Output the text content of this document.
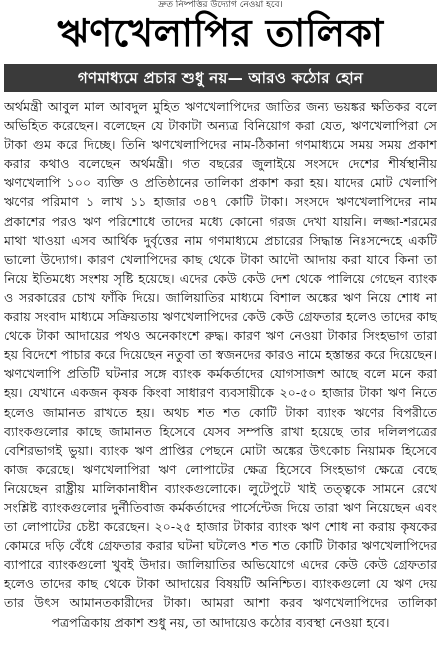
দ্রুত নিষ্পত্তির উদ্যোগ নেওয়া হবে।
ঋণখেলাপির তালিকা
গণমাধ্যমে প্রচার শুধু নয়— আরও কঠোর হোন

অর্থমন্ত্রী আবুল মাল আবদুল মুহিত ঋণখেলাপিদের জাতির জন্য ভয়ঙ্কর ক্ষতিকর বলে অভিহিত করেছেন। বলেছেন যে টাকাটা অন্যত্র বিনিয়োগ করা যেত, ঋণখেলাপিরা সে টাকা গুম করে দিচ্ছে। তিনি ঋণখেলাপিদের নাম-ঠিকানা গণমাধ্যমে সময় সময় প্রকাশ করার কথাও বলেছেন অর্থমন্ত্রী। গত বছরের জুলাইয়ে সংসদে দেশের শীর্ষস্থানীয় ঋণখেলাপি ১০০ ব্যক্তি ও প্রতিষ্ঠানের তালিকা প্রকাশ করা হয়। যাদের মোট খেলাপি ঋণের পরিমাণ ১ লাখ ১১ হাজার ৩৪৭ কোটি টাকা। সংসদে ঋণখেলাপিদের নাম প্রকাশের পরও ঋণ পরিশোধে তাদের মধ্যে কোনো গরজ দেখা যায়নি। লজ্জা-শরমের মাথা খাওয়া এসব আর্থিক দুর্বৃত্তের নাম গণমাধ্যমে প্রচারের সিদ্ধান্ত নিঃসন্দেহে একটি ভালো উদ্যোগ। কারণ খেলাপিদের কাছ থেকে টাকা আদৌ আদায় করা যাবে কিনা তা নিয়ে ইতিমধ্যে সংশয় সৃষ্টি হয়েছে। এদের কেউ কেউ দেশ থেকে পালিয়ে গেছেন ব্যাংক ও সরকারের চোখ ফাঁকি দিয়ে। জালিয়াতির মাধ্যমে বিশাল অঙ্কের ঋণ নিয়ে শোধ না করায় সংবাদ মাধ্যমে সক্রিয়তায় ঋণখেলাপিদের কেউ কেউ গ্রেফতার হলেও তাদের কাছ থেকে টাকা আদায়ের পথও অনেকাংশে রুদ্ধ। কারণ ঋণ নেওয়া টাকার সিংহভাগ তারা হয় বিদেশে পাচার করে দিয়েছেন নতুবা তা স্বজনদের কারও নামে হস্তান্তর করে দিয়েছেন। ঋণখেলাপি প্রতিটি ঘটনার সঙ্গে ব্যাংক কর্মকর্তাদের যোগসাজশ আছে বলে মনে করা হয়। যেখানে একজন কৃষক কিংবা সাধারণ ব্যবসায়ীকে ২০-৫০ হাজার টাকা ঋণ নিতে হলেও জামানত রাখতে হয়। অথচ শত শত কোটি টাকা ব্যাংক ঋণের বিপরীতে ব্যাংকগুলোর কাছে জামানত হিসেবে যেসব সম্পত্তি রাখা হয়েছে তার দলিলপত্রের বেশিরভাগই ভুয়া। ব্যাংক ঋণ প্রাপ্তির পেছনে মোটা অঙ্কের উৎকোচ নিয়ামক হিসেবে কাজ করেছে। ঋণখেলাপিরা ঋণ লোপাটের ক্ষেত্র হিসেবে সিংহভাগ ক্ষেত্রে বেছে নিয়েছেন রাষ্ট্রীয় মালিকানাধীন ব্যাংকগুলোকে। লুটেপুটে খাই তত্ত্বকে সামনে রেখে সংশ্লিষ্ট ব্যাংকগুলোর দুর্নীতিবাজ কর্মকর্তাদের পার্সেন্টেজ দিয়ে তারা ঋণ নিয়েছেন এবং তা লোপাটের চেষ্টা করেছেন। ২০-২৫ হাজার টাকার ব্যাংক ঋণ শোধ না করায় কৃষকের কোমরে দড়ি বেঁধে গ্রেফতার করার ঘটনা ঘটলেও শত শত কোটি টাকার ঋণখেলাপিদের ব্যাপারে ব্যাংকগুলো খুবই উদার। জালিয়াতির অভিযোগে এদের কেউ কেউ গ্রেফতার হলেও তাদের কাছ থেকে টাকা আদায়ের বিষয়টি অনিশ্চিত। ব্যাংকগুলো যে ঋণ দেয় তার উৎস আমানতকারীদের টাকা। আমরা আশা করব ঋণখেলাপিদের তালিকা পত্রপত্রিকায় প্রকাশ শুধু নয়, তা আদায়েও কঠোর ব্যবস্থা নেওয়া হবে।
